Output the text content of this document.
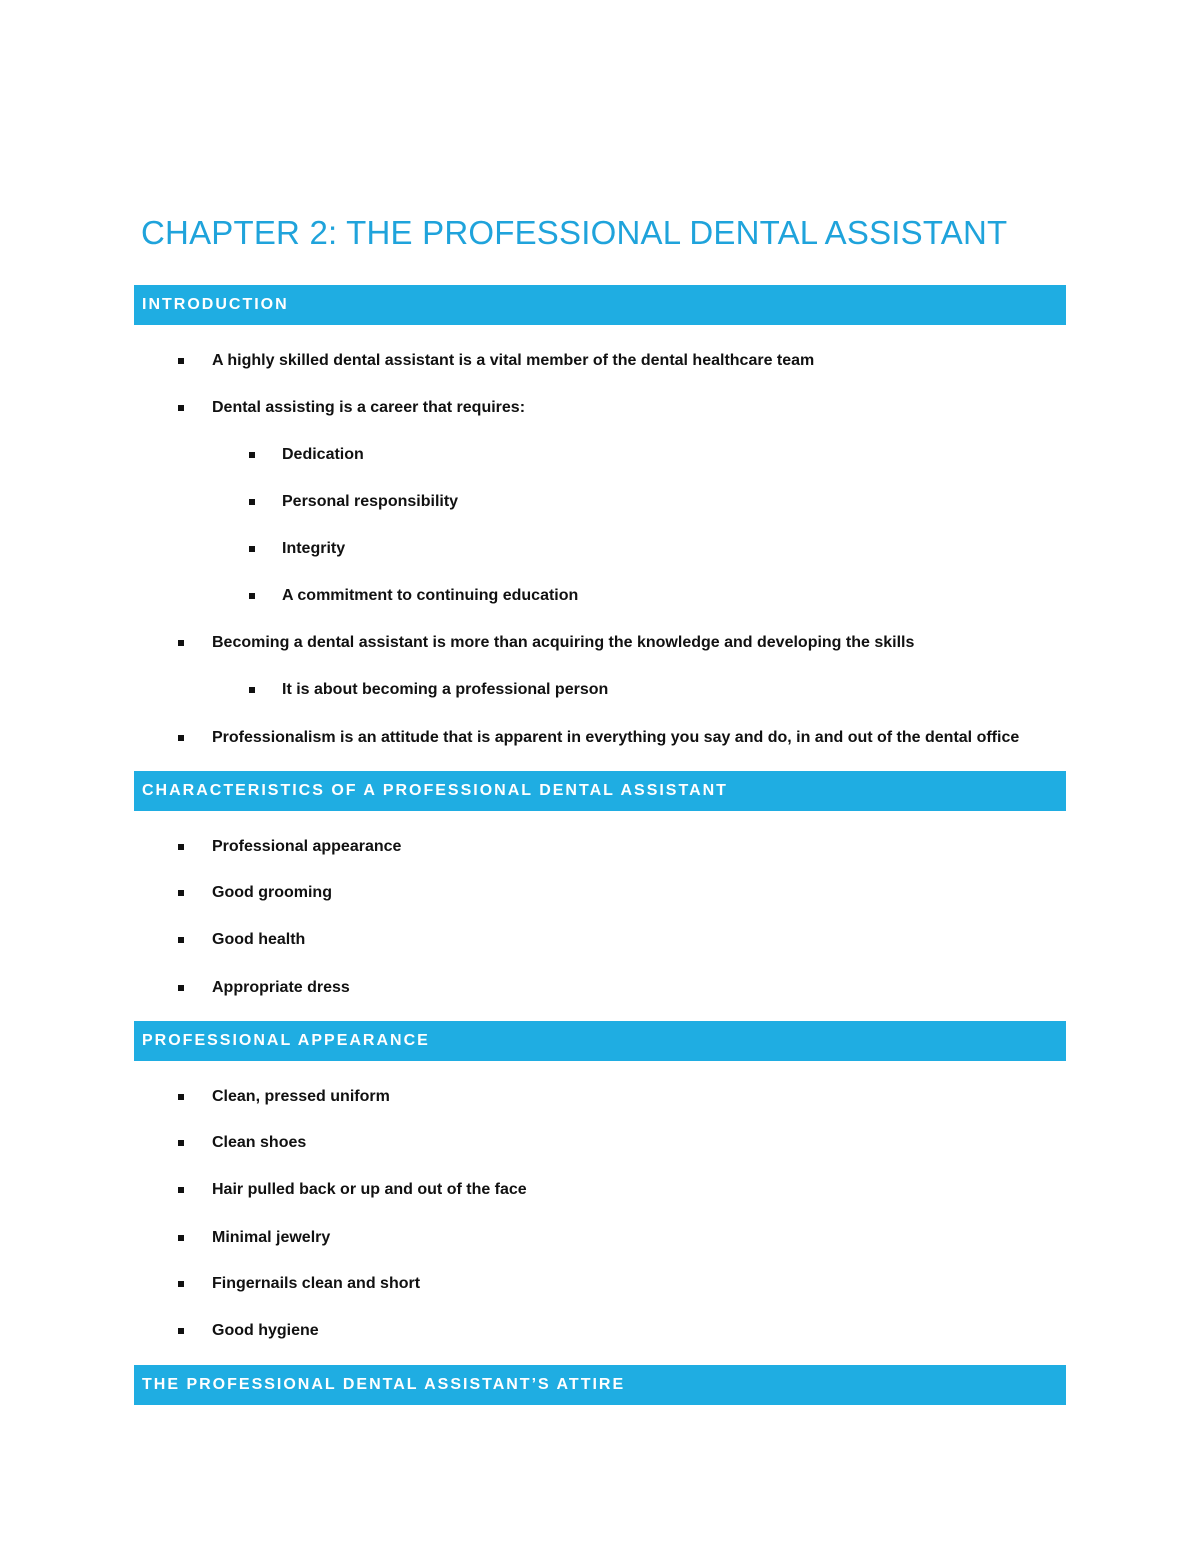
CHAPTER 2: THE PROFESSIONAL DENTAL ASSISTANT
INTRODUCTION
A highly skilled dental assistant is a vital member of the dental healthcare team
Dental assisting is a career that requires:
Dedication
Personal responsibility
Integrity
A commitment to continuing education
Becoming a dental assistant is more than acquiring the knowledge and developing the skills
It is about becoming a professional person
Professionalism is an attitude that is apparent in everything you say and do, in and out of the dental office
CHARACTERISTICS OF A PROFESSIONAL DENTAL ASSISTANT
Professional appearance
Good grooming
Good health
Appropriate dress
PROFESSIONAL APPEARANCE
Clean, pressed uniform
Clean shoes
Hair pulled back or up and out of the face
Minimal jewelry
Fingernails clean and short
Good hygiene
THE PROFESSIONAL DENTAL ASSISTANT’S ATTIRE
